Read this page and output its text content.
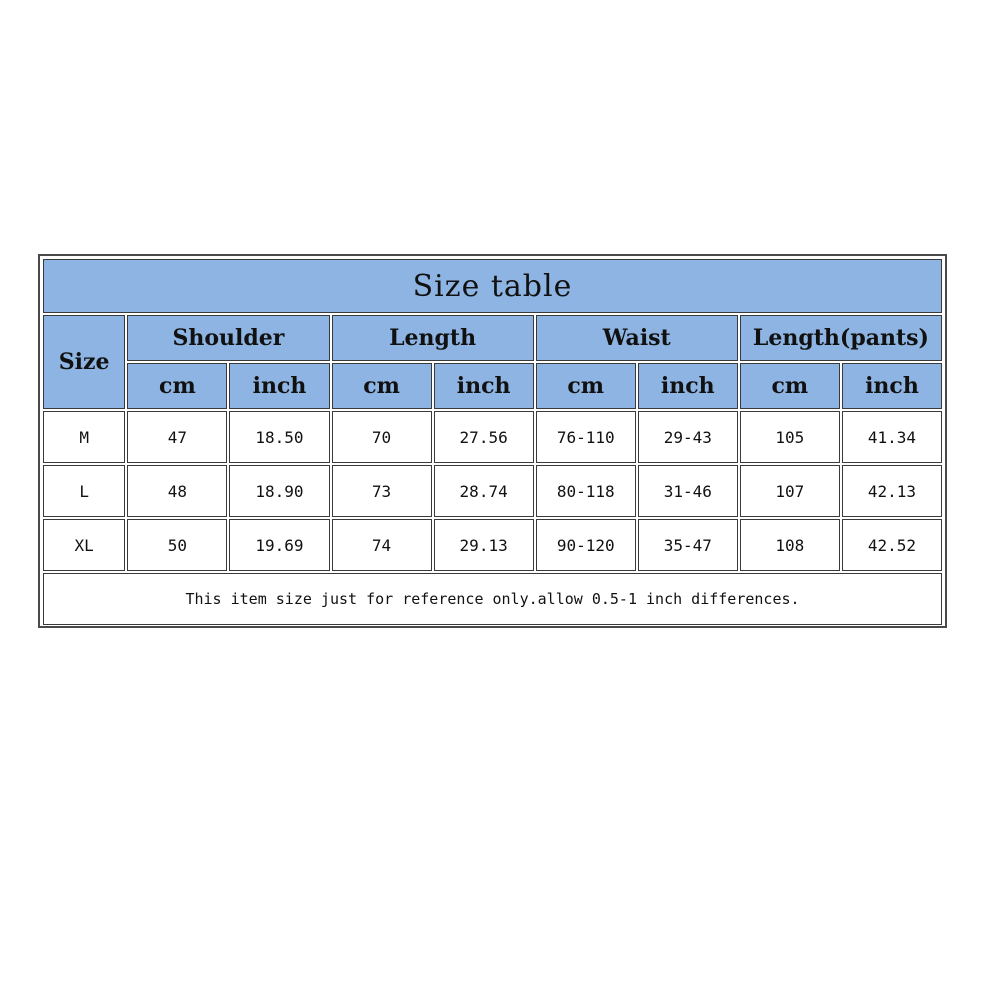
Size table								
Size	Shoulder		Length		Waist		Length(pants)	
	cm	inch	cm	inch	cm	inch	cm	inch
M	47	18.50	70	27.56	76-110	29-43	105	41.34
L	48	18.90	73	28.74	80-118	31-46	107	42.13
XL	50	19.69	74	29.13	90-120	35-47	108	42.52
This item size just for reference only.allow 0.5-1 inch differences.								
